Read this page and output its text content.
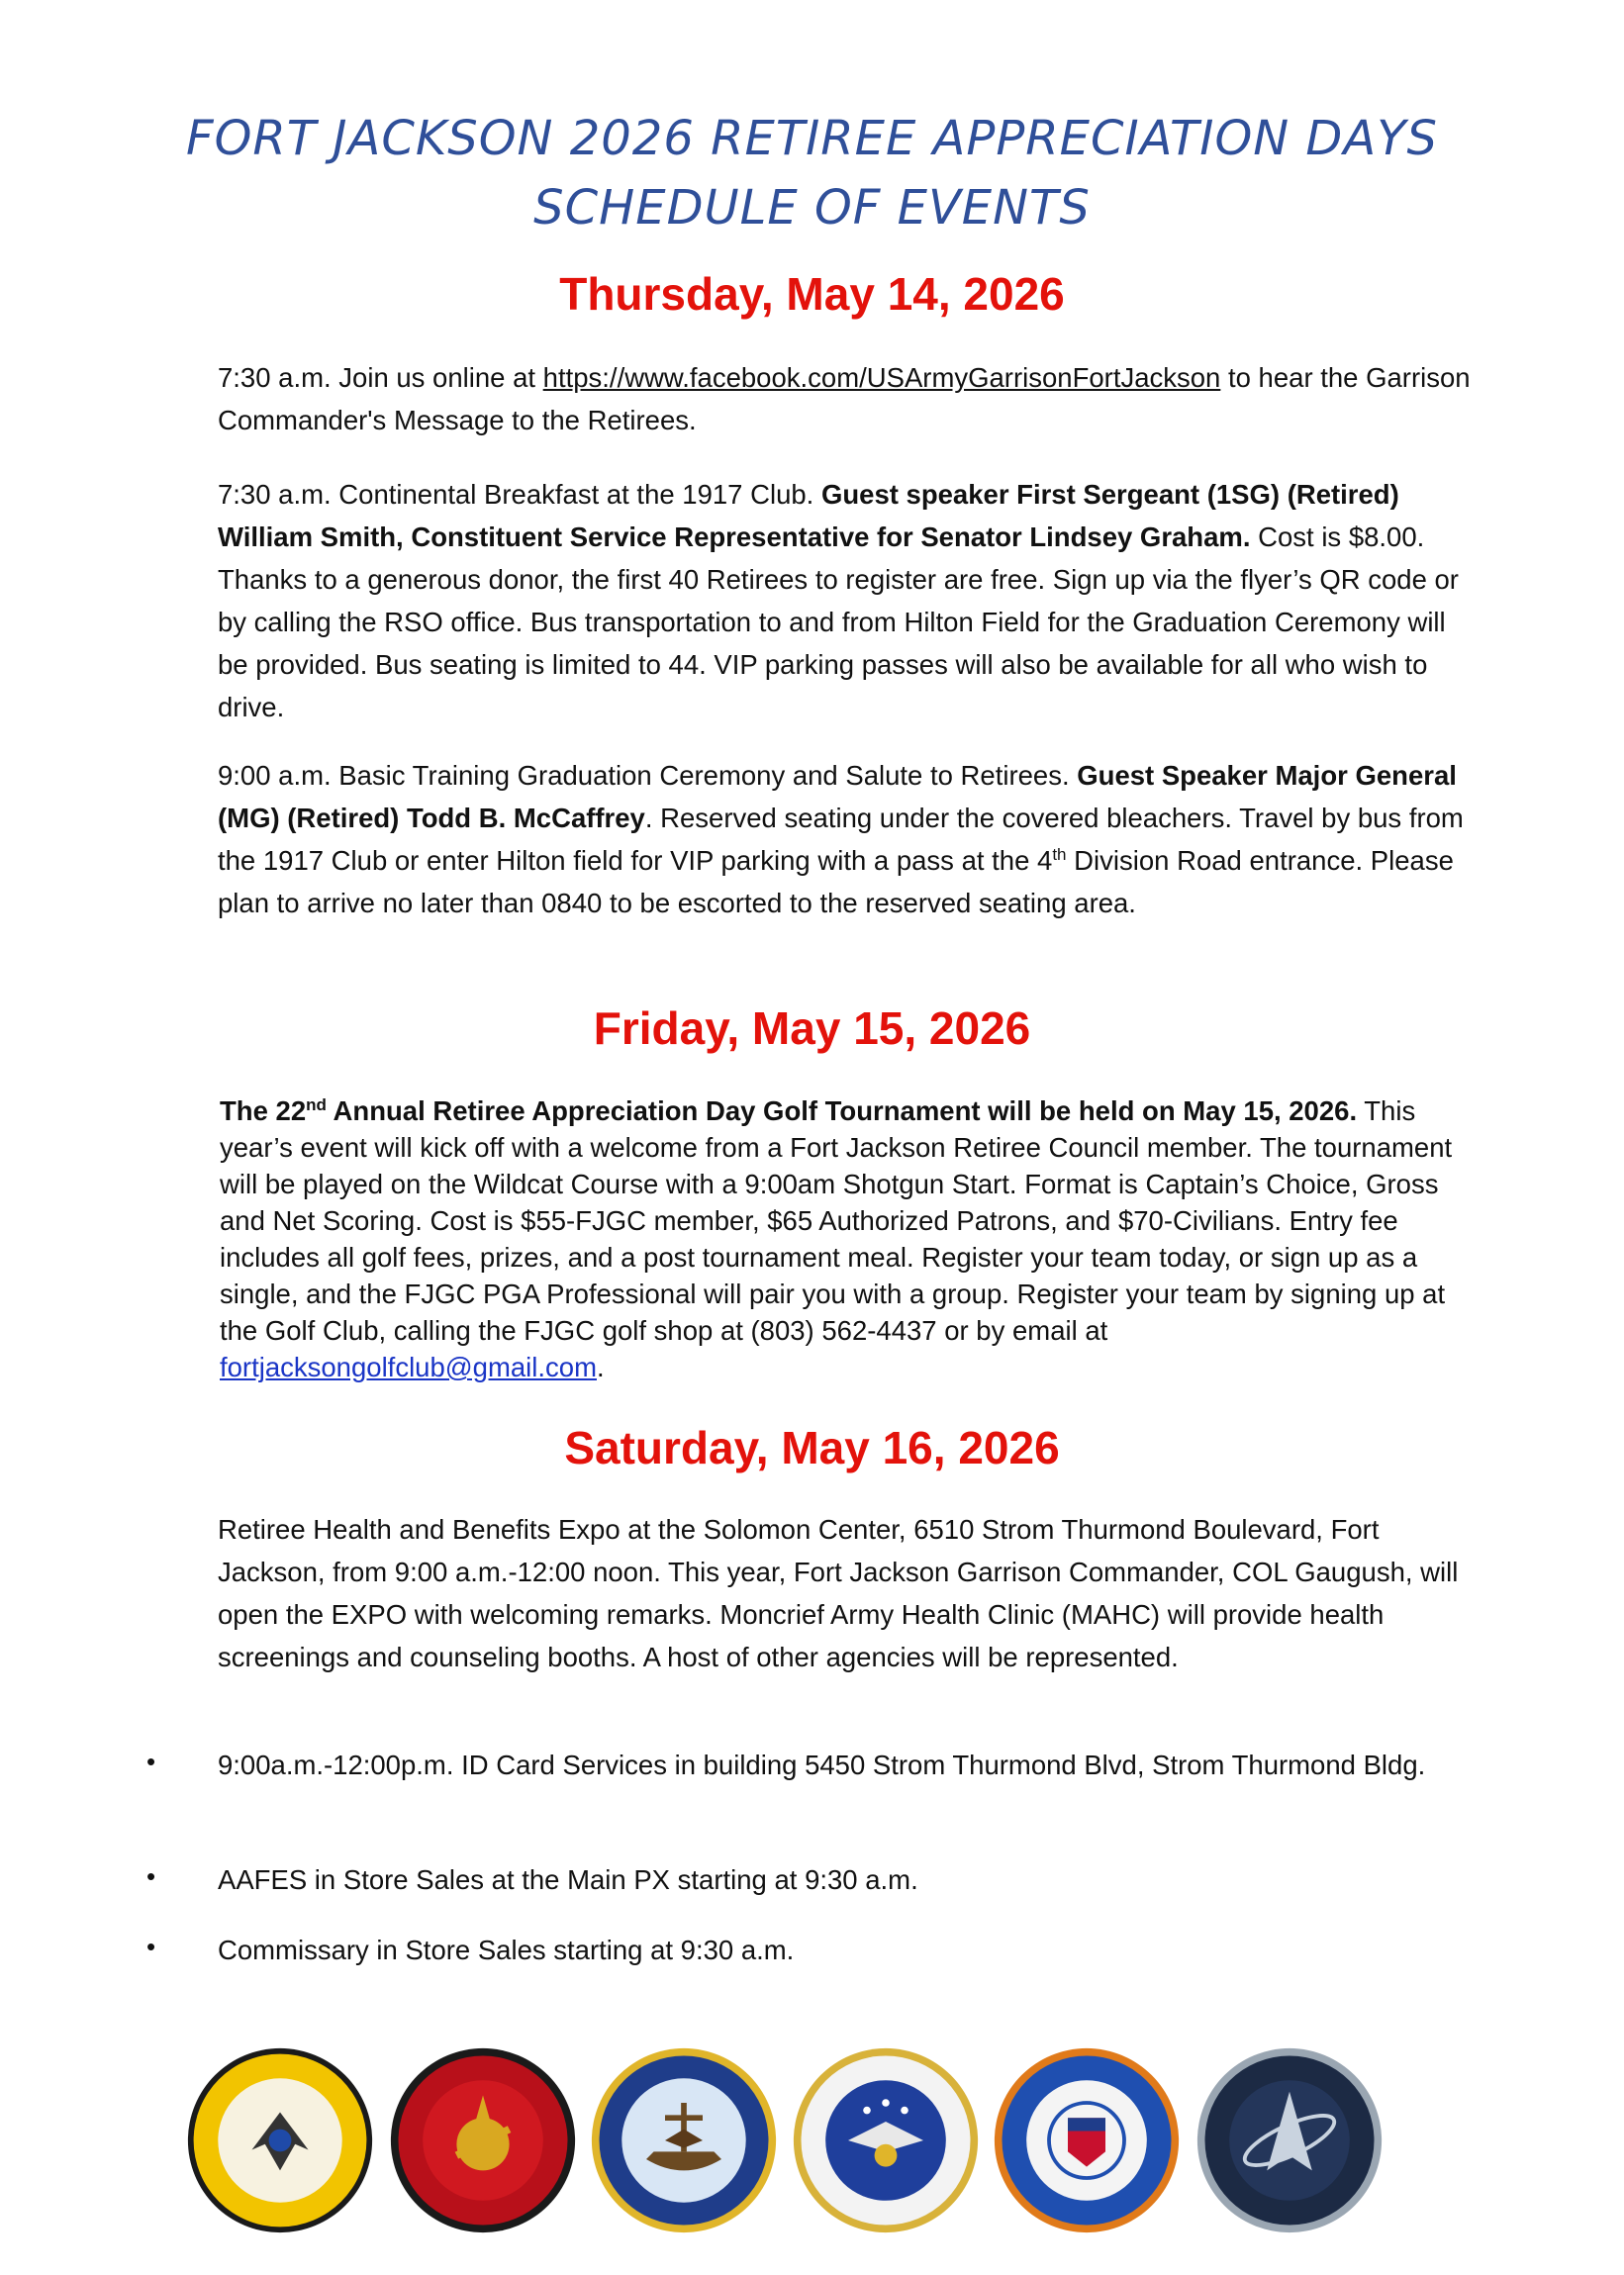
FORT JACKSON 2026 RETIREE APPRECIATION DAYS
SCHEDULE OF EVENTS
Thursday, May 14, 2026

7:30 a.m. Join us online at https://www.facebook.com/USArmyGarrisonFortJackson to hear the Garrison Commander's Message to the Retirees.

7:30 a.m. Continental Breakfast at the 1917 Club. Guest speaker First Sergeant (1SG) (Retired) William Smith, Constituent Service Representative for Senator Lindsey Graham. Cost is $8.00. Thanks to a generous donor, the first 40 Retirees to register are free. Sign up via the flyer’s QR code or by calling the RSO office. Bus transportation to and from Hilton Field for the Graduation Ceremony will be provided. Bus seating is limited to 44. VIP parking passes will also be available for all who wish to drive.

9:00 a.m. Basic Training Graduation Ceremony and Salute to Retirees. Guest Speaker Major General (MG) (Retired) Todd B. McCaffrey. Reserved seating under the covered bleachers. Travel by bus from the 1917 Club or enter Hilton field for VIP parking with a pass at the 4th Division Road entrance. Please plan to arrive no later than 0840 to be escorted to the reserved seating area.

Friday, May 15, 2026

The 22nd Annual Retiree Appreciation Day Golf Tournament will be held on May 15, 2026. This year’s event will kick off with a welcome from a Fort Jackson Retiree Council member. The tournament will be played on the Wildcat Course with a 9:00am Shotgun Start. Format is Captain’s Choice, Gross and Net Scoring. Cost is $55-FJGC member, $65 Authorized Patrons, and $70-Civilians. Entry fee includes all golf fees, prizes, and a post tournament meal. Register your team today, or sign up as a single, and the FJGC PGA Professional will pair you with a group. Register your team by signing up at the Golf Club, calling the FJGC golf shop at (803) 562-4437 or by email at fortjacksongolfclub@gmail.com.

Saturday, May 16, 2026

Retiree Health and Benefits Expo at the Solomon Center, 6510 Strom Thurmond Boulevard, Fort Jackson, from 9:00 a.m.-12:00 noon. This year, Fort Jackson Garrison Commander, COL Gaugush, will open the EXPO with welcoming remarks. Moncrief Army Health Clinic (MAHC) will provide health screenings and counseling booths. A host of other agencies will be represented.

• 9:00a.m.-12:00p.m. ID Card Services in building 5450 Strom Thurmond Blvd, Strom Thurmond Bldg.

• AAFES in Store Sales at the Main PX starting at 9:30 a.m.

• Commissary in Store Sales starting at 9:30 a.m.
